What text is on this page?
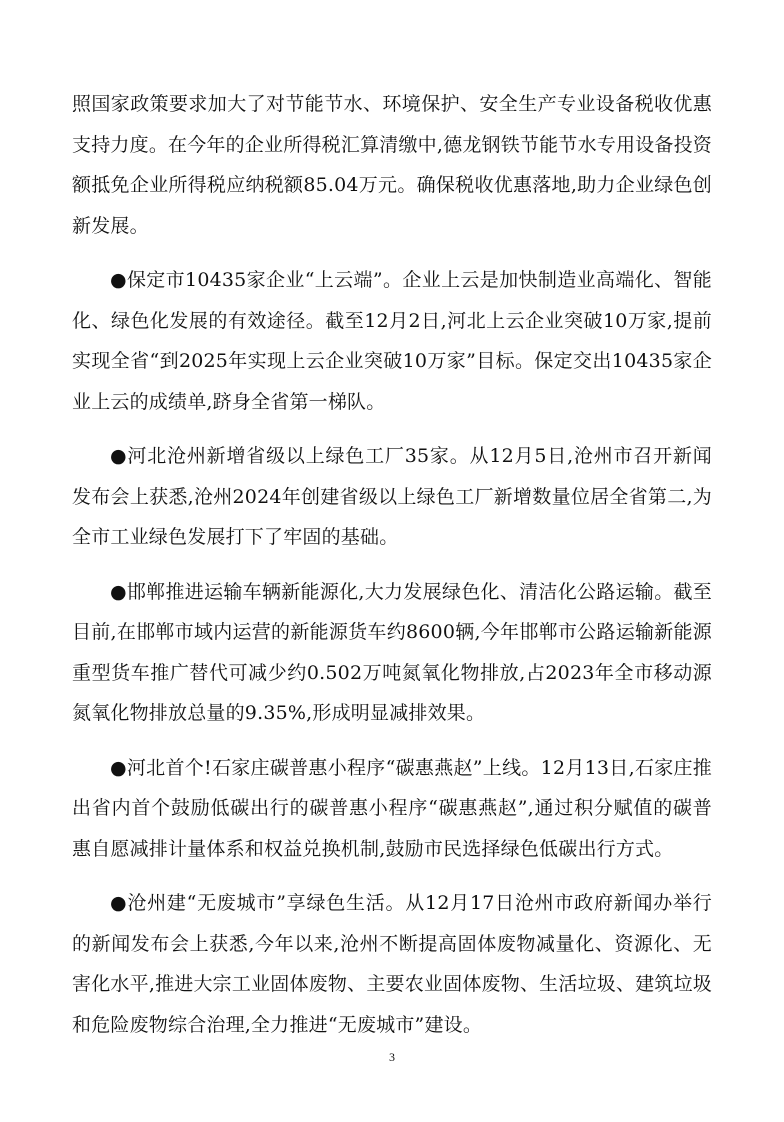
照国家政策要求加大了对节能节水、环境保护、安全生产专业设备税收优惠支持力度。在今年的企业所得税汇算清缴中,德龙钢铁节能节水专用设备投资额抵免企业所得税应纳税额85.04万元。确保税收优惠落地,助力企业绿色创新发展。

●保定市10435家企业“上云端”。企业上云是加快制造业高端化、智能化、绿色化发展的有效途径。截至12月2日,河北上云企业突破10万家,提前实现全省“到2025年实现上云企业突破10万家”目标。保定交出10435家企业上云的成绩单,跻身全省第一梯队。

●河北沧州新增省级以上绿色工厂35家。从12月5日,沧州市召开新闻发布会上获悉,沧州2024年创建省级以上绿色工厂新增数量位居全省第二,为全市工业绿色发展打下了牢固的基础。

●邯郸推进运输车辆新能源化,大力发展绿色化、清洁化公路运输。截至目前,在邯郸市域内运营的新能源货车约8600辆,今年邯郸市公路运输新能源重型货车推广替代可减少约0.502万吨氮氧化物排放,占2023年全市移动源氮氧化物排放总量的9.35%,形成明显减排效果。

●河北首个!石家庄碳普惠小程序“碳惠燕赵”上线。12月13日,石家庄推出省内首个鼓励低碳出行的碳普惠小程序“碳惠燕赵”,通过积分赋值的碳普惠自愿减排计量体系和权益兑换机制,鼓励市民选择绿色低碳出行方式。

●沧州建“无废城市”享绿色生活。从12月17日沧州市政府新闻办举行的新闻发布会上获悉,今年以来,沧州不断提高固体废物减量化、资源化、无害化水平,推进大宗工业固体废物、主要农业固体废物、生活垃圾、建筑垃圾和危险废物综合治理,全力推进“无废城市”建设。

3
